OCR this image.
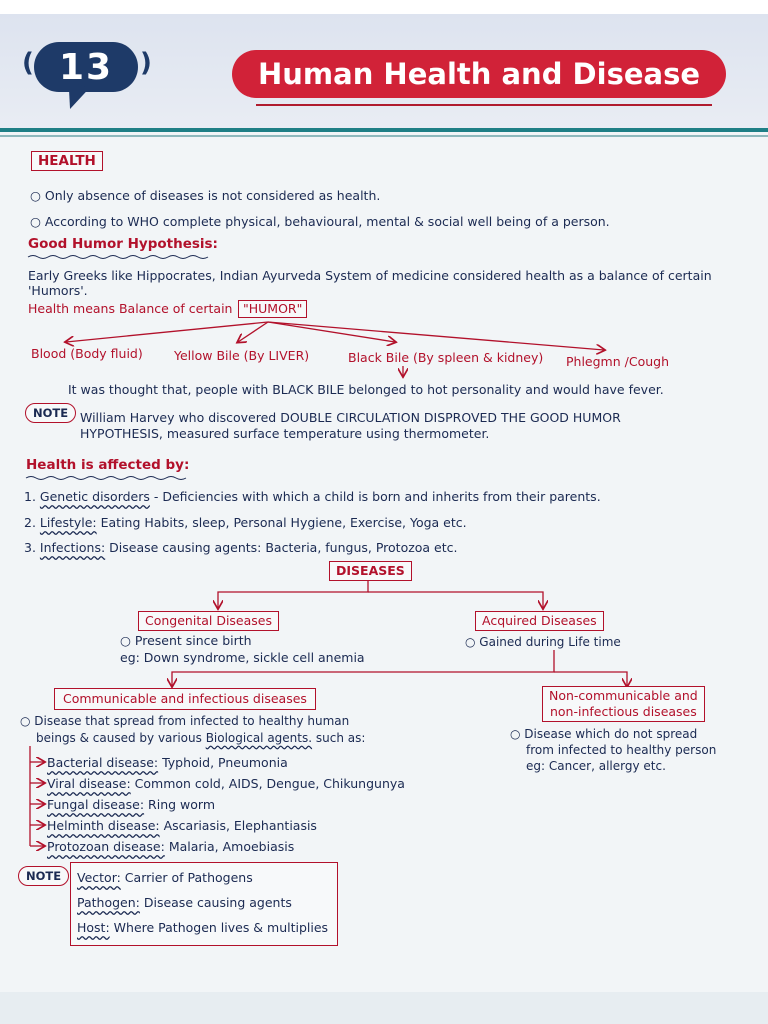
( 13 )	Human Health and Disease
HEALTH
○ Only absence of diseases is not considered as health.
○ According to WHO complete physical, behavioural, mental & social well being of a person.
Good Humor Hypothesis:
Early Greeks like Hippocrates, Indian Ayurveda System of medicine considered health as a balance of certain
'Humors'.
Health means Balance of certain "HUMOR"
Blood (Body fluid)	Yellow Bile (By LIVER)	Black Bile (By spleen & kidney) Phlegmn /Cough
It was thought that, people with BLACK BILE belonged to hot personality and would have fever.
NOTE William Harvey who discovered DOUBLE CIRCULATION DISPROVED THE GOOD HUMOR
HYPOTHESIS, measured surface temperature using thermometer.
Health is affected by:
1. Genetic disorders - Deficiencies with which a child is born and inherits from their parents.
2. Lifestyle: Eating Habits, sleep, Personal Hygiene, Exercise, Yoga etc.
3. Infections: Disease causing agents: Bacteria, fungus, Protozoa etc.
DISEASES
Congenital Diseases	Acquired Diseases
○ Present since birth
eg: Down syndrome, sickle cell anemia
○ Gained during Life time
Communicable and infectious diseases	Non-communicable and
non-infectious diseases
○ Disease that spread from infected to healthy human
beings & caused by various Biological agents. such as:
Bacterial disease: Typhoid, Pneumonia
Viral disease: Common cold, AIDS, Dengue, Chikungunya
Fungal disease: Ring worm
Helminth disease: Ascariasis, Elephantiasis
Protozoan disease: Malaria, Amoebiasis
○ Disease which do not spread
from infected to healthy person
eg: Cancer, allergy etc.
NOTE	Vector: Carrier of Pathogens
Pathogen: Disease causing agents
Host: Where Pathogen lives & multiplies
